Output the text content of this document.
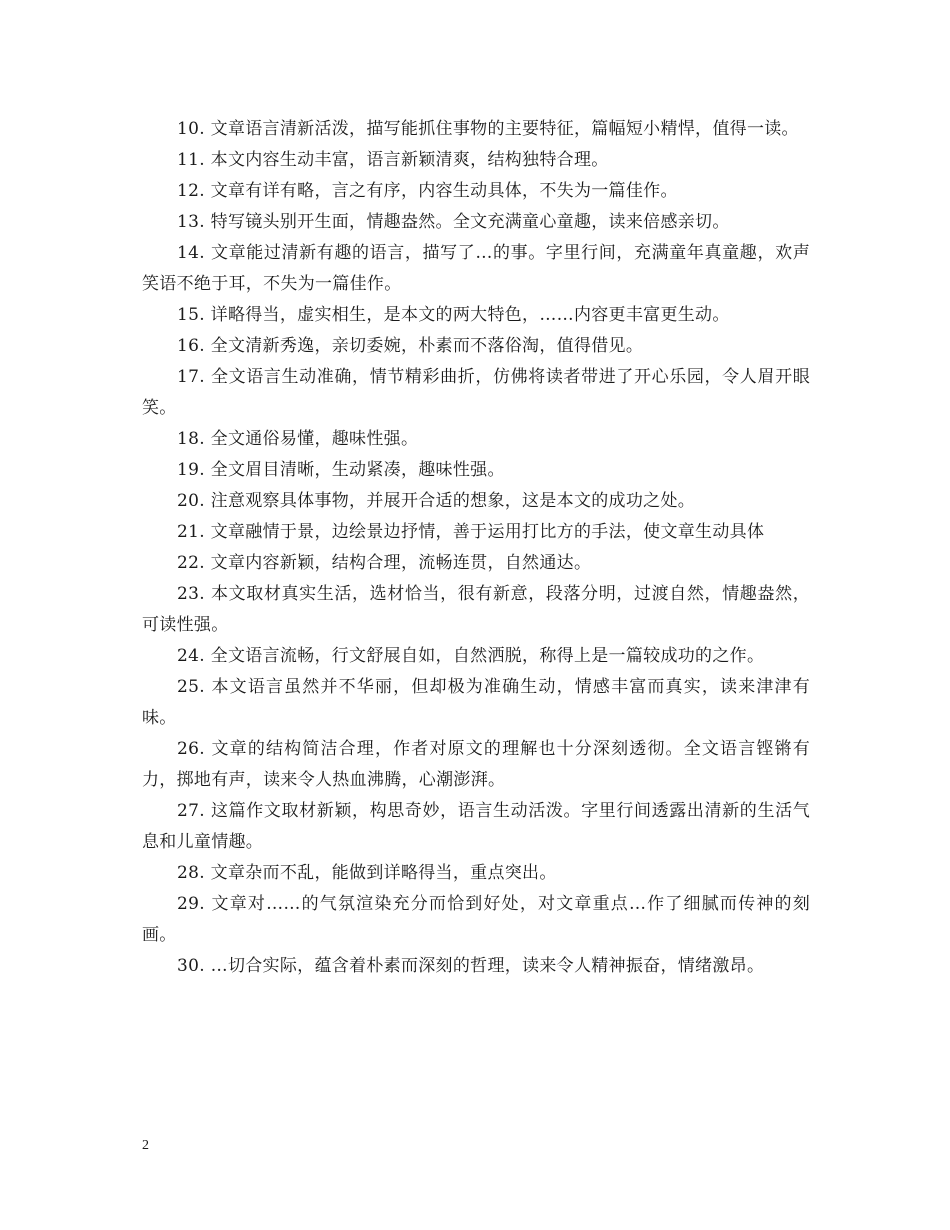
10. 文章语言清新活泼，描写能抓住事物的主要特征，篇幅短小精悍，值得一读。

11. 本文内容生动丰富，语言新颖清爽，结构独特合理。

12. 文章有详有略，言之有序，内容生动具体，不失为一篇佳作。

13. 特写镜头别开生面，情趣盎然。全文充满童心童趣，读来倍感亲切。

14. 文章能过清新有趣的语言，描写了…的事。字里行间，充满童年真童趣，欢声笑语不绝于耳，不失为一篇佳作。

15. 详略得当，虚实相生，是本文的两大特色，……内容更丰富更生动。

16. 全文清新秀逸，亲切委婉，朴素而不落俗淘，值得借见。

17. 全文语言生动准确，情节精彩曲折，仿佛将读者带进了开心乐园，令人眉开眼笑。

18. 全文通俗易懂，趣味性强。

19. 全文眉目清晰，生动紧凑，趣味性强。

20. 注意观察具体事物，并展开合适的想象，这是本文的成功之处。

21. 文章融情于景，边绘景边抒情，善于运用打比方的手法，使文章生动具体

22. 文章内容新颖，结构合理，流畅连贯，自然通达。

23. 本文取材真实生活，选材恰当，很有新意，段落分明，过渡自然，情趣盎然，可读性强。

24. 全文语言流畅，行文舒展自如，自然洒脱，称得上是一篇较成功的之作。

25. 本文语言虽然并不华丽，但却极为准确生动，情感丰富而真实，读来津津有味。

26. 文章的结构简洁合理，作者对原文的理解也十分深刻透彻。全文语言铿锵有力，掷地有声，读来令人热血沸腾，心潮澎湃。

27. 这篇作文取材新颖，构思奇妙，语言生动活泼。字里行间透露出清新的生活气息和儿童情趣。

28. 文章杂而不乱，能做到详略得当，重点突出。

29. 文章对……的气氛渲染充分而恰到好处，对文章重点…作了细腻而传神的刻画。

30. …切合实际，蕴含着朴素而深刻的哲理，读来令人精神振奋，情绪激昂。

2
